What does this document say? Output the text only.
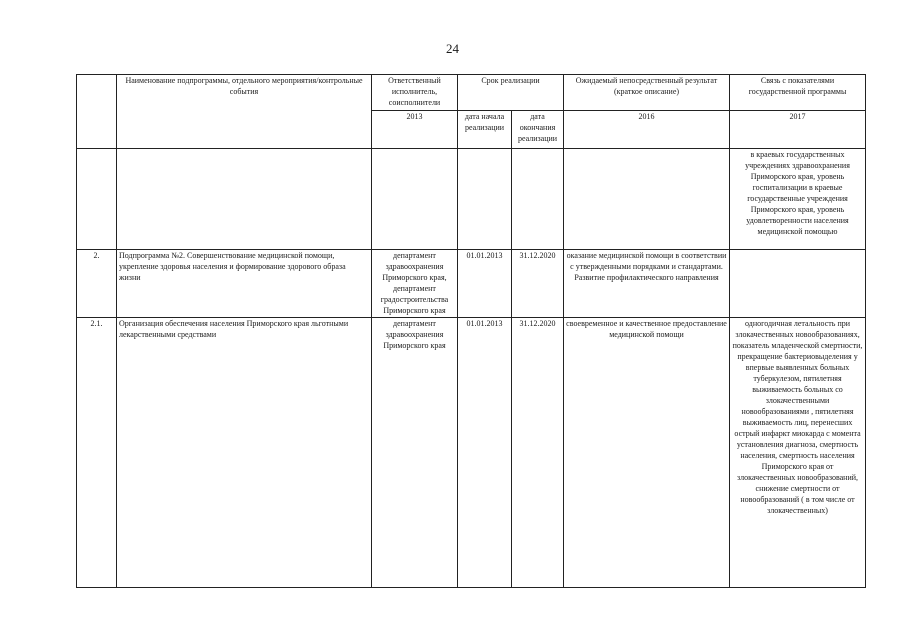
24
	Наименование подпрограммы, отдельного мероприятия/контрольные события	Ответственный исполнитель, соисполнители	Срок реализации		Ожидаемый непосредственный результат (краткое описание)	Связь с показателями государственной программы
		2013	дата начала реализации	дата окончания реализации	2016	2017
						в краевых государственных учреждениях здравоохранения Приморского края, уровень госпитализации в краевые государственные учреждения Приморского края, уровень удовлетворенности населения медицинской помощью
2.	Подпрограмма №2. Совершенствование медицинской помощи, укрепление здоровья населения и формирование здорового образа жизни	департамент здравоохранения Приморского края, департамент градостроительства Приморского края	01.01.2013	31.12.2020	оказание медицинской помощи в соответствии с утвержденными порядками и стандартами. Развитие профилактического направления	
2.1.	Организация обеспечения населения Приморского края льготными лекарственными средствами	департамент здравоохранения Приморского края	01.01.2013	31.12.2020	своевременное и качественное предоставление медицинской помощи	одногодичная летальность при злокачественных новообразованиях, показатель младенческой смертности, прекращение бактериовыделения у впервые выявленных больных туберкулезом, пятилетняя выживаемость больных со злокачественными новообразованиями , пятилетняя выживаемость лиц, перенесших острый инфаркт миокарда с момента установления диагноза, смертность населения, смертность населения Приморского края от злокачественных новообразований, снижение смертности от новообразований ( в том числе от злокачественных)
